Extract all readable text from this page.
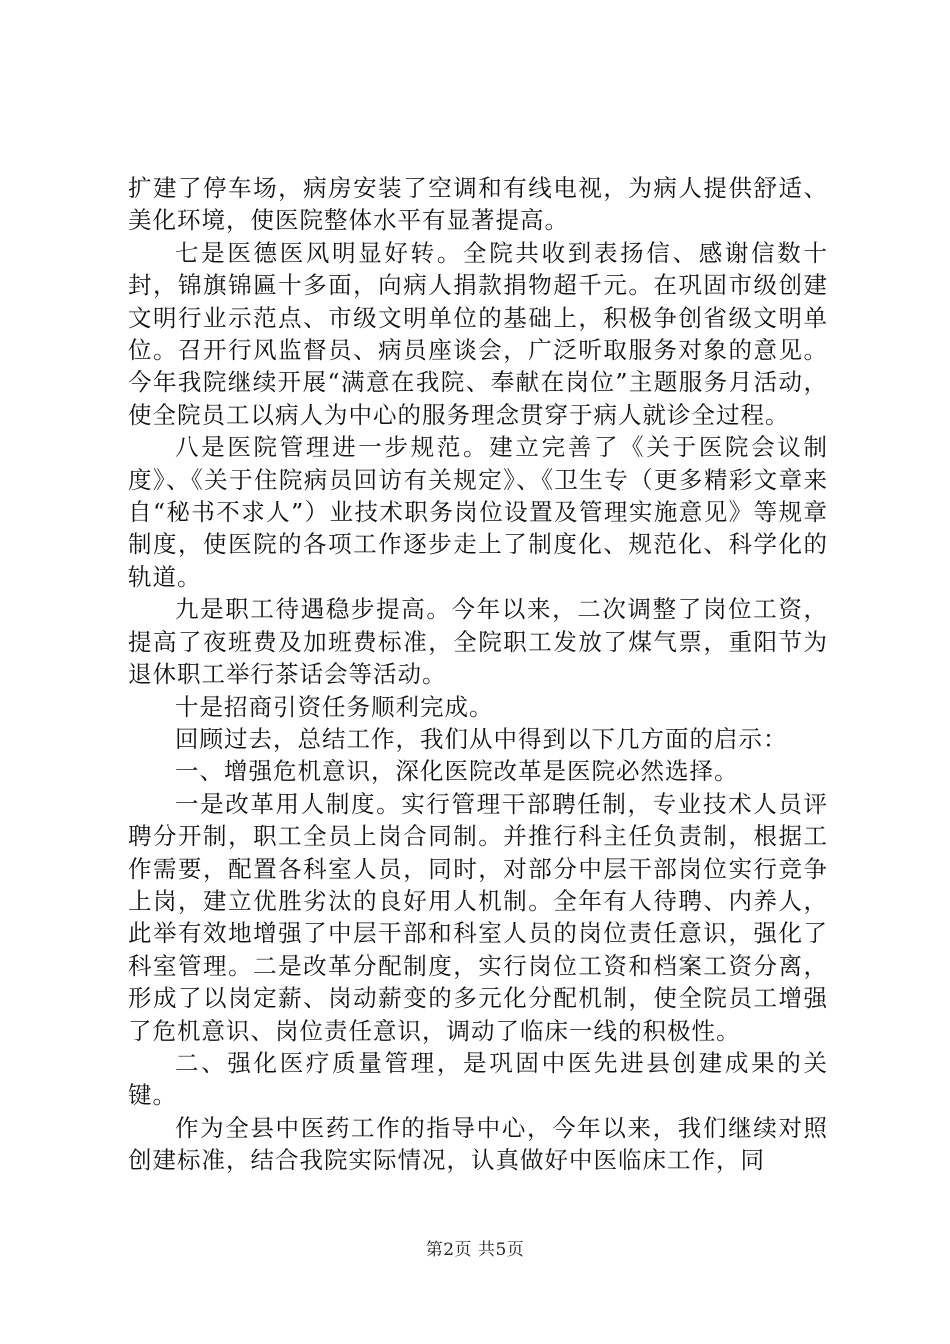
扩建了停车场，病房安装了空调和有线电视，为病人提供舒适、美化环境，使医院整体水平有显著提高。

七是医德医风明显好转。全院共收到表扬信、感谢信数十封，锦旗锦匾十多面，向病人捐款捐物超千元。在巩固市级创建文明行业示范点、市级文明单位的基础上，积极争创省级文明单位。召开行风监督员、病员座谈会，广泛听取服务对象的意见。今年我院继续开展“满意在我院、奉献在岗位”主题服务月活动，使全院员工以病人为中心的服务理念贯穿于病人就诊全过程。

八是医院管理进一步规范。建立完善了《关于医院会议制度》、《关于住院病员回访有关规定》、《卫生专（更多精彩文章来自“秘书不求人”）业技术职务岗位设置及管理实施意见》等规章制度，使医院的各项工作逐步走上了制度化、规范化、科学化的轨道。

九是职工待遇稳步提高。今年以来，二次调整了岗位工资，提高了夜班费及加班费标准，全院职工发放了煤气票，重阳节为退休职工举行茶话会等活动。

十是招商引资任务顺利完成。

回顾过去，总结工作，我们从中得到以下几方面的启示：

一、增强危机意识，深化医院改革是医院必然选择。

一是改革用人制度。实行管理干部聘任制，专业技术人员评聘分开制，职工全员上岗合同制。并推行科主任负责制，根据工作需要，配置各科室人员，同时，对部分中层干部岗位实行竞争上岗，建立优胜劣汰的良好用人机制。全年有人待聘、内养人，此举有效地增强了中层干部和科室人员的岗位责任意识，强化了科室管理。二是改革分配制度，实行岗位工资和档案工资分离，形成了以岗定薪、岗动薪变的多元化分配机制，使全院员工增强了危机意识、岗位责任意识，调动了临床一线的积极性。

二、强化医疗质量管理，是巩固中医先进县创建成果的关键。

作为全县中医药工作的指导中心，今年以来，我们继续对照创建标准，结合我院实际情况，认真做好中医临床工作，同

第2页 共5页
